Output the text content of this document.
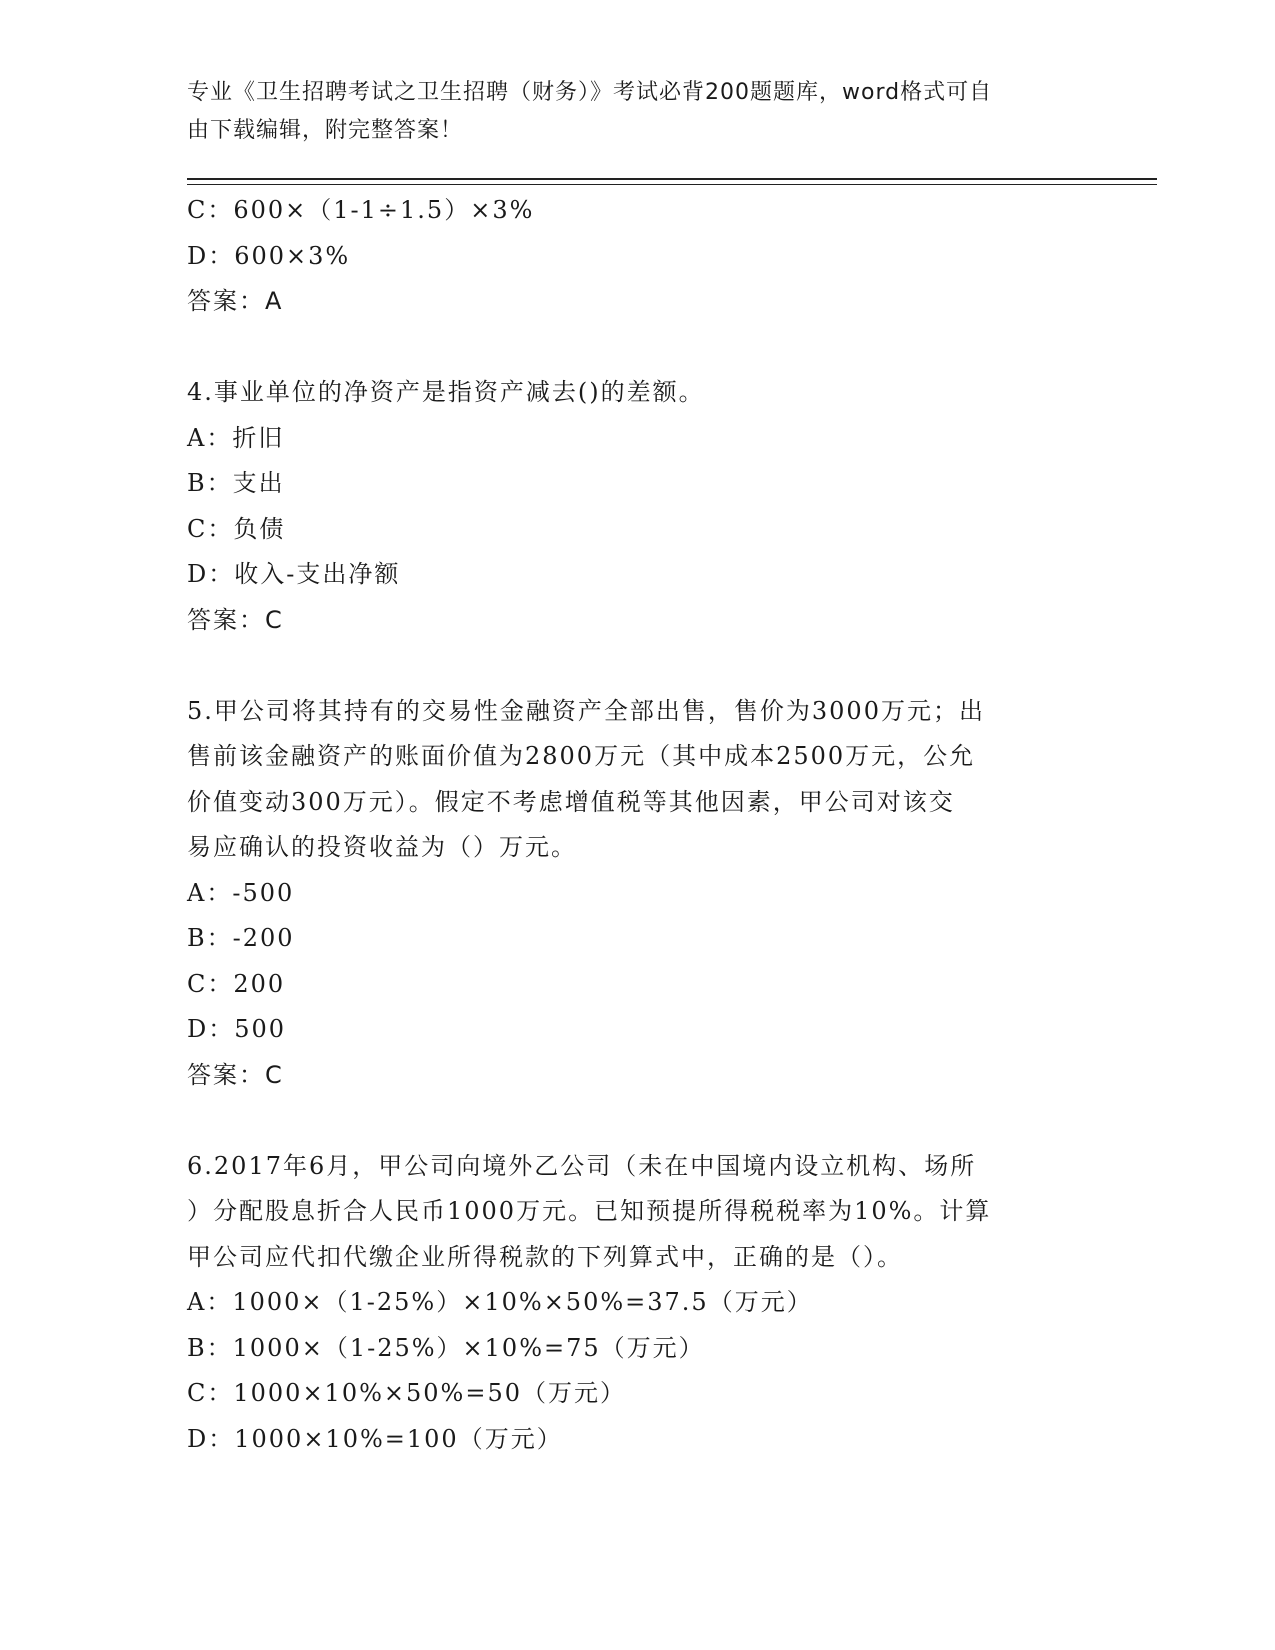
专业《卫生招聘考试之卫生招聘（财务）》考试必背200题题库，word格式可自
由下载编辑，附完整答案！
C：600×（1-1÷1.5）×3%
D：600×3%
答案：A
4.事业单位的净资产是指资产减去()的差额。
A：折旧
B：支出
C：负债
D：收入-支出净额
答案：C
5.甲公司将其持有的交易性金融资产全部出售，售价为3000万元；出
售前该金融资产的账面价值为2800万元（其中成本2500万元，公允
价值变动300万元）。假定不考虑增值税等其他因素，甲公司对该交
易应确认的投资收益为（）万元。
A：-500
B：-200
C：200
D：500
答案：C
6.2017年6月，甲公司向境外乙公司（未在中国境内设立机构、场所
）分配股息折合人民币1000万元。已知预提所得税税率为10%。计算
甲公司应代扣代缴企业所得税款的下列算式中，正确的是（）。
A：1000×（1-25%）×10%×50%=37.5（万元）
B：1000×（1-25%）×10%=75（万元）
C：1000×10%×50%=50（万元）
D：1000×10%=100（万元）
